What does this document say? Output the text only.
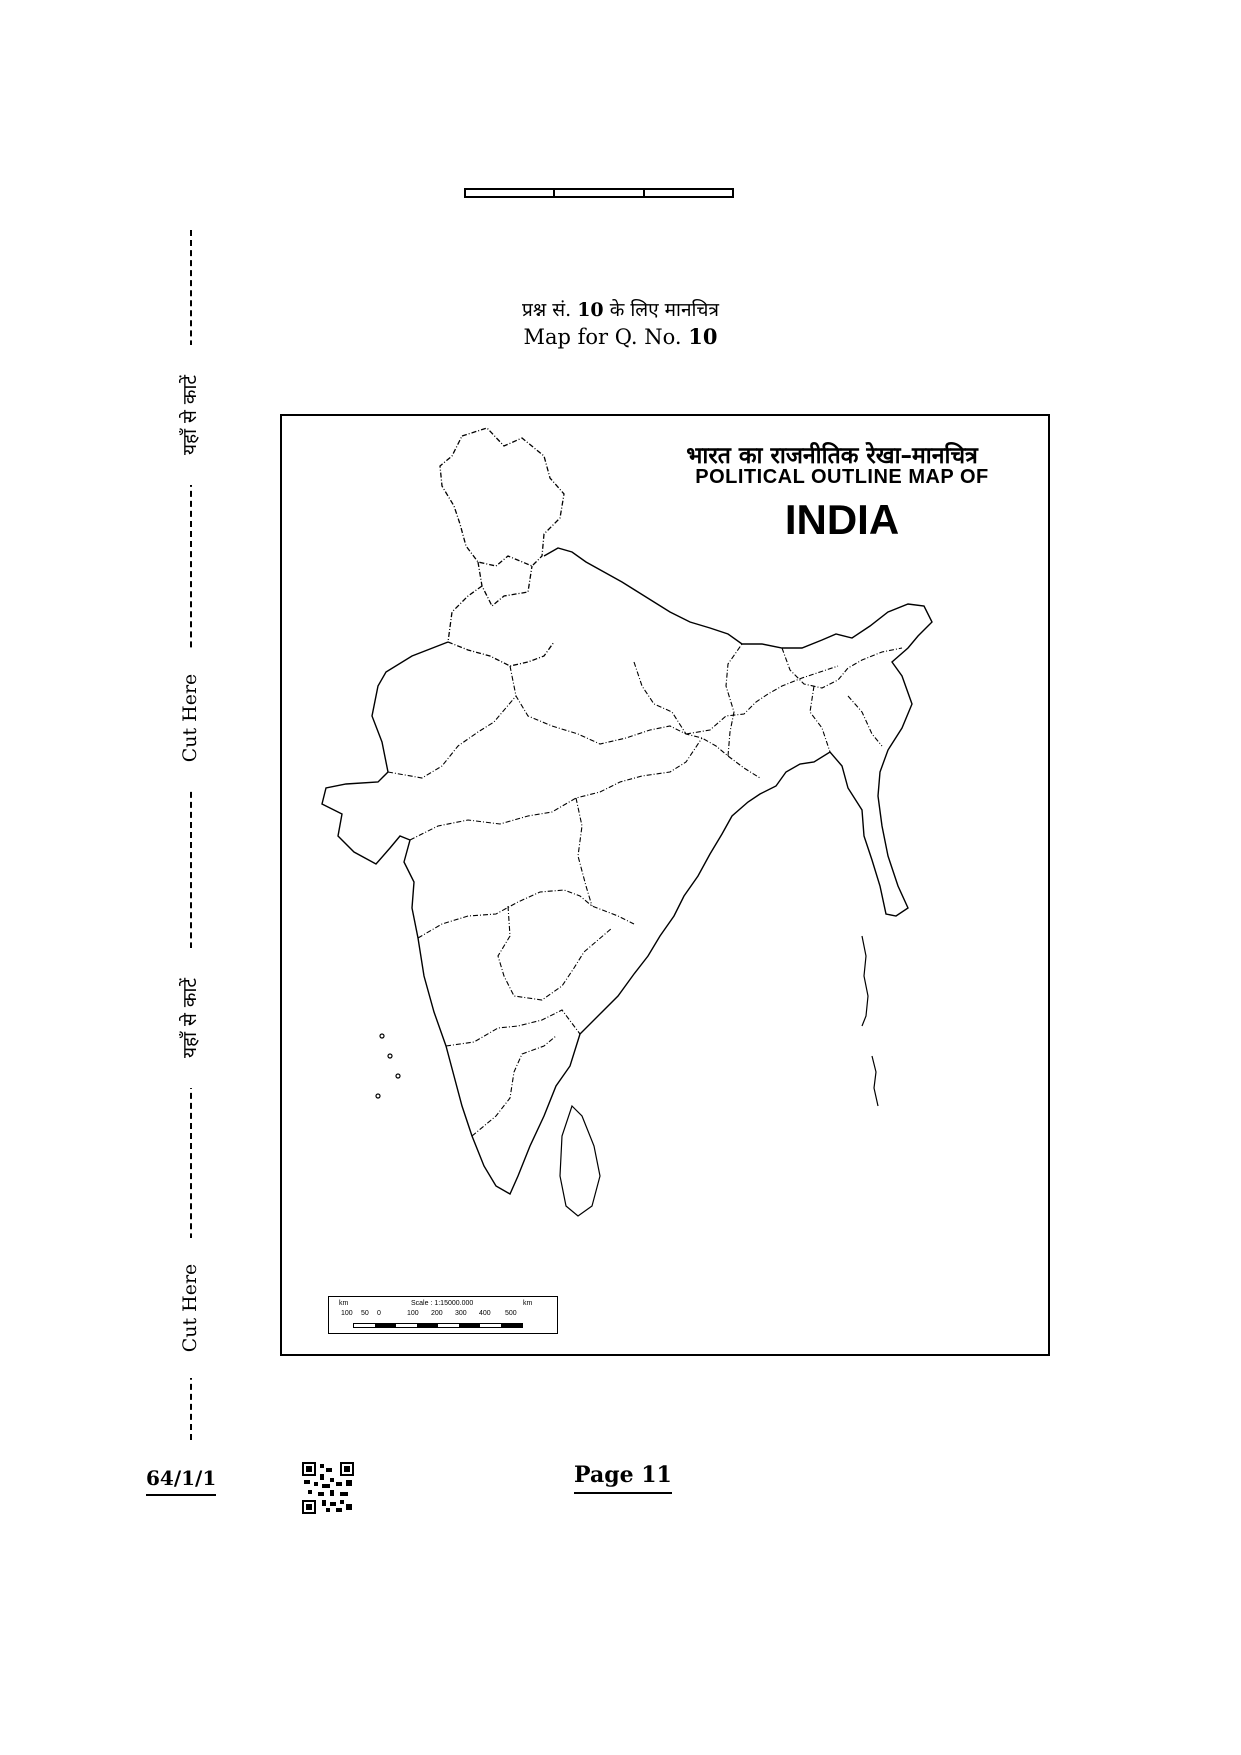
प्रश्न सं. 10 के लिए मानचित्र
Map for Q. No. 10
भारत का राजनीतिक रेखा–मानचित्र
POLITICAL OUTLINE MAP OF
INDIA
km	Scale : 1:15000.000	km
100 50 0	100 200 300 400 500
यहाँ से काटें
Cut Here
यहाँ से काटें
Cut Here
64/1/1	Page 11
